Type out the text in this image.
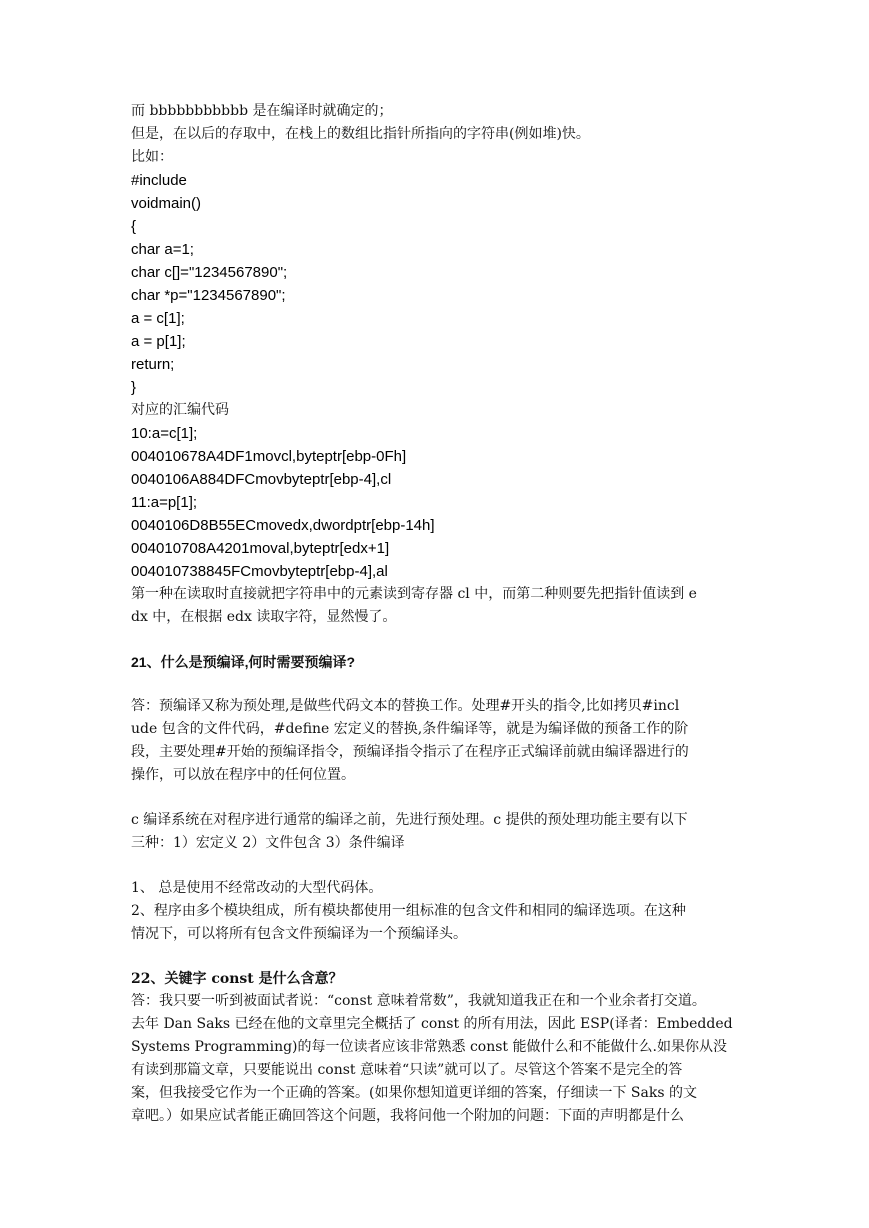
而 bbbbbbbbbbb 是在编译时就确定的；
但是，在以后的存取中，在栈上的数组比指针所指向的字符串(例如堆)快。
比如：
#include
voidmain()
{
char a=1;
char c[]="1234567890";
char *p="1234567890";
a = c[1];
a = p[1];
return;
}
对应的汇编代码
10:a=c[1];
004010678A4DF1movcl,byteptr[ebp-0Fh]
0040106A884DFCmovbyteptr[ebp-4],cl
11:a=p[1];
0040106D8B55ECmovedx,dwordptr[ebp-14h]
004010708A4201moval,byteptr[edx+1]
004010738845FCmovbyteptr[ebp-4],al
第一种在读取时直接就把字符串中的元素读到寄存器 cl 中，而第二种则要先把指针值读到 e
dx 中，在根据 edx 读取字符，显然慢了。
21、什么是预编译,何时需要预编译?
答：预编译又称为预处理,是做些代码文本的替换工作。处理#开头的指令,比如拷贝#incl
ude 包含的文件代码，#define 宏定义的替换,条件编译等，就是为编译做的预备工作的阶
段，主要处理#开始的预编译指令，预编译指令指示了在程序正式编译前就由编译器进行的
操作，可以放在程序中的任何位置。
c 编译系统在对程序进行通常的编译之前，先进行预处理。c 提供的预处理功能主要有以下
三种：1）宏定义 2）文件包含 3）条件编译
1、 总是使用不经常改动的大型代码体。
2、程序由多个模块组成，所有模块都使用一组标准的包含文件和相同的编译选项。在这种
情况下，可以将所有包含文件预编译为一个预编译头。
22、关键字 const 是什么含意？
答：我只要一听到被面试者说：“const 意味着常数”，我就知道我正在和一个业余者打交道。
去年 Dan Saks 已经在他的文章里完全概括了 const 的所有用法，因此 ESP(译者：Embedded
Systems Programming)的每一位读者应该非常熟悉 const 能做什么和不能做什么.如果你从没
有读到那篇文章，只要能说出 const 意味着“只读”就可以了。尽管这个答案不是完全的答
案，但我接受它作为一个正确的答案。(如果你想知道更详细的答案，仔细读一下 Saks 的文
章吧。）如果应试者能正确回答这个问题，我将问他一个附加的问题：下面的声明都是什么
